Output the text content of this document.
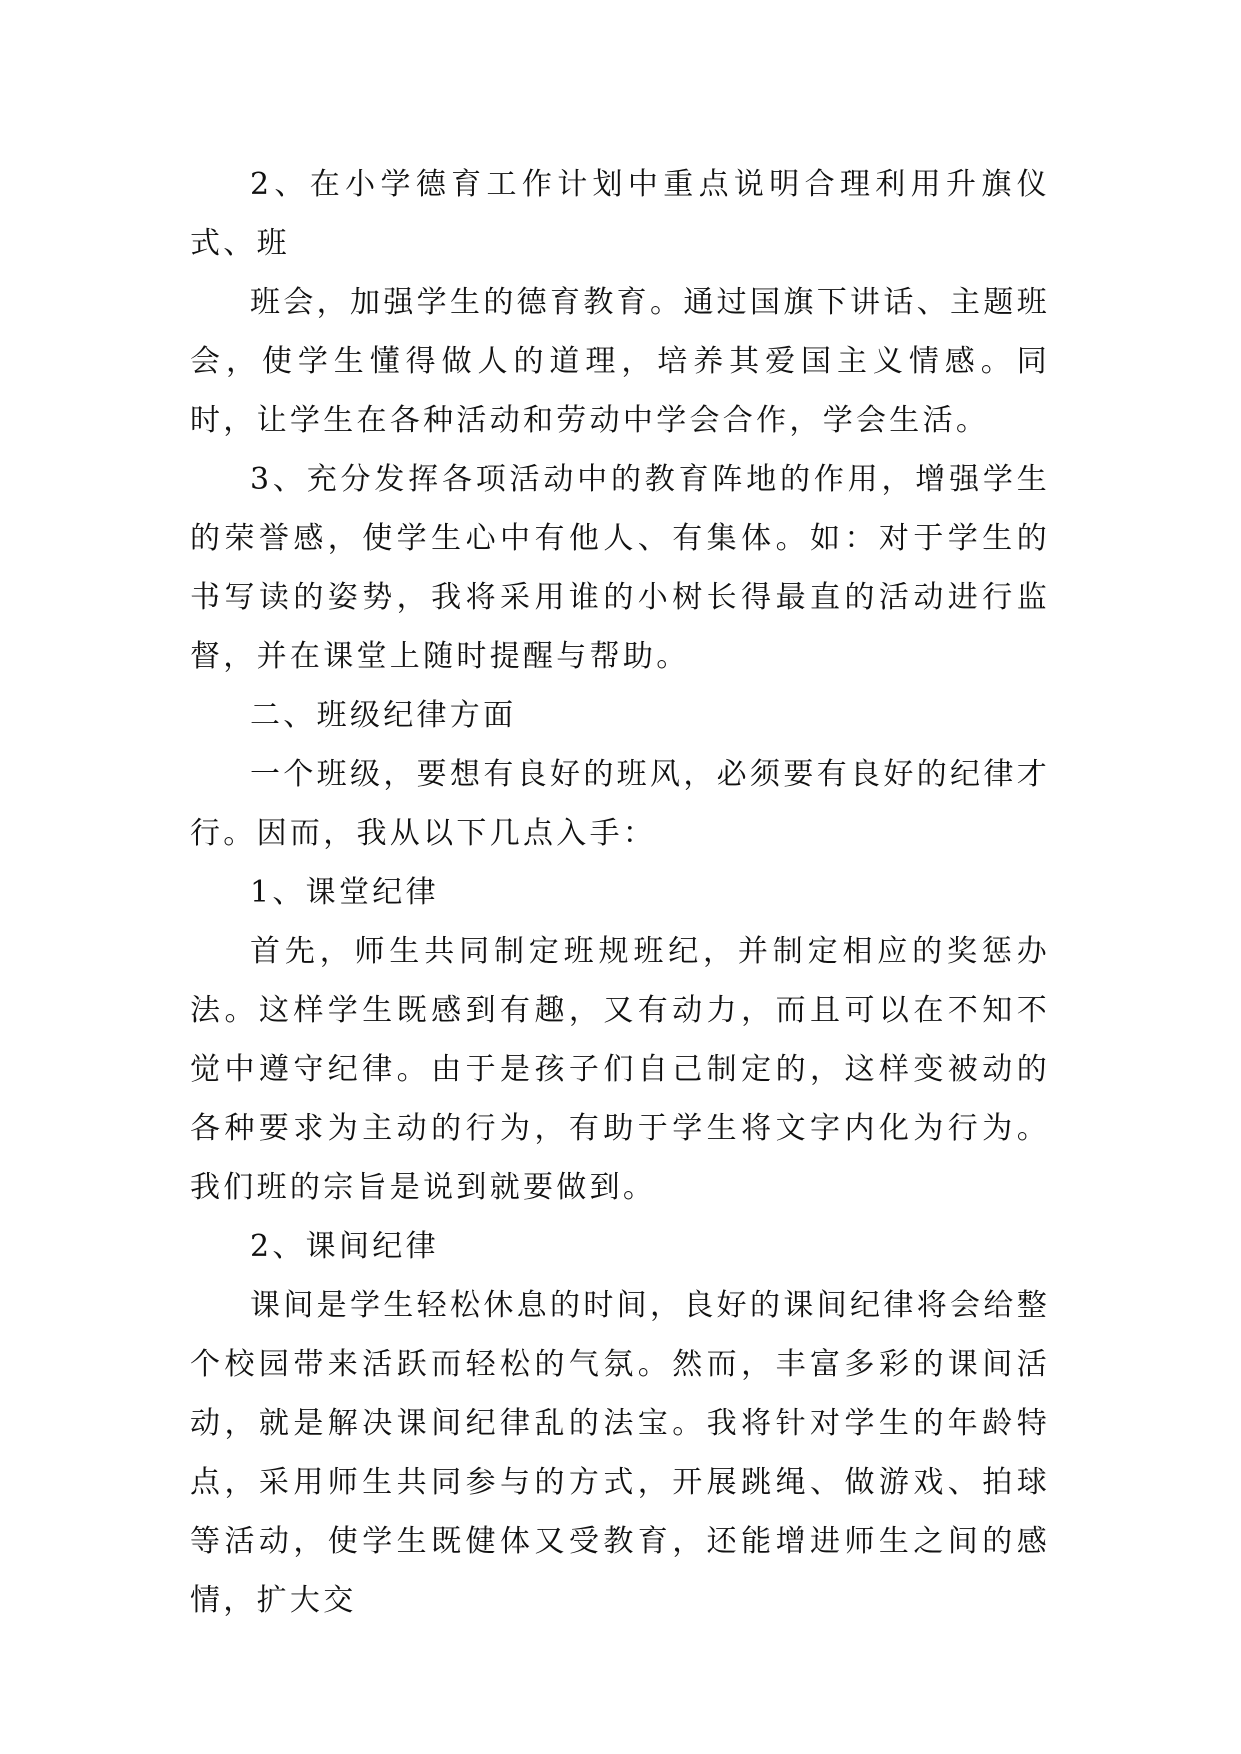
2、在小学德育工作计划中重点说明合理利用升旗仪式、班

班会，加强学生的德育教育。通过国旗下讲话、主题班会，使学生懂得做人的道理，培养其爱国主义情感。同时，让学生在各种活动和劳动中学会合作，学会生活。

3、充分发挥各项活动中的教育阵地的作用，增强学生的荣誉感，使学生心中有他人、有集体。如：对于学生的书写读的姿势，我将采用谁的小树长得最直的活动进行监督，并在课堂上随时提醒与帮助。

二、班级纪律方面

一个班级，要想有良好的班风，必须要有良好的纪律才行。因而，我从以下几点入手：

1、课堂纪律

首先，师生共同制定班规班纪，并制定相应的奖惩办法。这样学生既感到有趣，又有动力，而且可以在不知不觉中遵守纪律。由于是孩子们自己制定的，这样变被动的各种要求为主动的行为，有助于学生将文字内化为行为。我们班的宗旨是说到就要做到。

2、课间纪律

课间是学生轻松休息的时间，良好的课间纪律将会给整个校园带来活跃而轻松的气氛。然而，丰富多彩的课间活动，就是解决课间纪律乱的法宝。我将针对学生的年龄特点，采用师生共同参与的方式，开展跳绳、做游戏、拍球等活动，使学生既健体又受教育，还能增进师生之间的感情，扩大交
